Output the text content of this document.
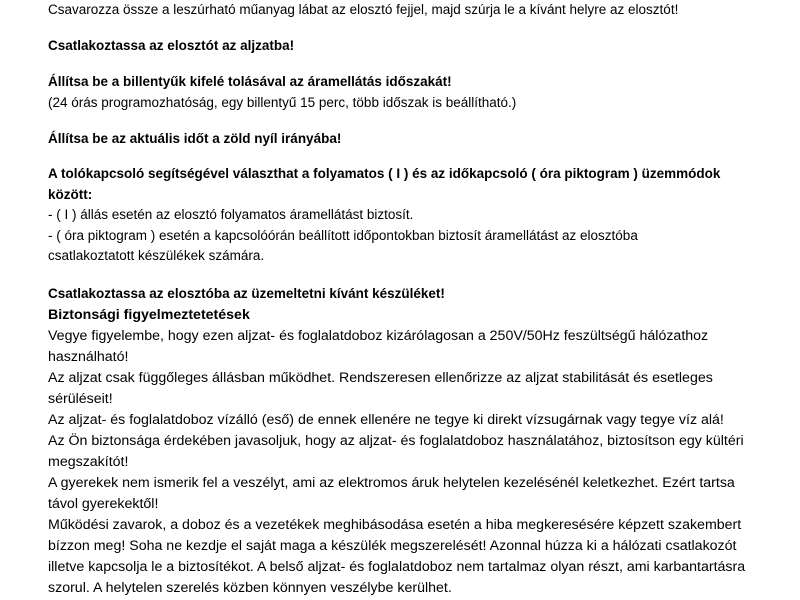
Csavarozza össze a leszúrható műanyag lábat az elosztó fejjel, majd szúrja le a kívánt helyre az elosztót!
Csatlakoztassa az elosztót az aljzatba!
Állítsa be a billentyűk kifelé tolásával az áramellátás időszakát!
(24 órás programozhatóság, egy billentyű 15 perc, több időszak is beállítható.)
Állítsa be az aktuális időt a zöld nyíl irányába!
A tolókapcsoló segítségével választhat a folyamatos ( I ) és az időkapcsoló ( óra piktogram ) üzemmódok
között:
- ( I ) állás esetén az elosztó folyamatos áramellátást biztosít.
- ( óra piktogram ) esetén a kapcsolóórán beállított időpontokban biztosít áramellátást az elosztóba
csatlakoztatott készülékek számára.
Csatlakoztassa az elosztóba az üzemeltetni kívánt készüléket!
Biztonsági figyelmeztetetések
Vegye figyelembe, hogy ezen aljzat- és foglalatdoboz kizárólagosan a 250V/50Hz feszültségű hálózathoz
használható!
Az aljzat csak függőleges állásban működhet. Rendszeresen ellenőrizze az aljzat stabilitását és esetleges
sérüléseit!
Az aljzat- és foglalatdoboz vízálló (eső) de ennek ellenére ne tegye ki direkt vízsugárnak vagy tegye víz alá!
Az Ön biztonsága érdekében javasoljuk, hogy az aljzat- és foglalatdoboz használatához, biztosítson egy kültéri
megszakítót!
A gyerekek nem ismerik fel a veszélyt, ami az elektromos áruk helytelen kezelésénél keletkezhet. Ezért tartsa
távol gyerekektől!
Működési zavarok, a doboz és a vezetékek meghibásodása esetén a hiba megkeresésére képzett szakembert
bízzon meg! Soha ne kezdje el saját maga a készülék megszerelését! Azonnal húzza ki a hálózati csatlakozót
illetve kapcsolja le a biztosítékot. A belső aljzat- és foglalatdoboz nem tartalmaz olyan részt, ami karbantartásra
szorul. A helytelen szerelés közben könnyen veszélybe kerülhet.
